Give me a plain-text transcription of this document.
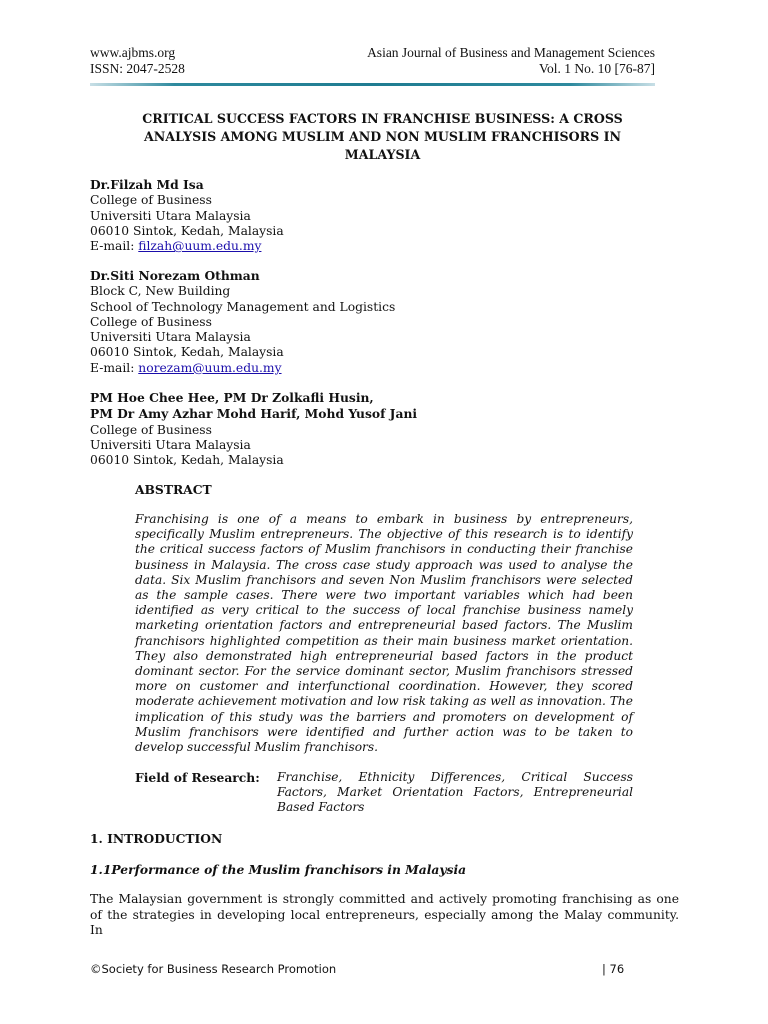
www.ajbms.org
ISSN: 2047-2528
Asian Journal of Business and Management Sciences
Vol. 1 No. 10 [76-87]
CRITICAL SUCCESS FACTORS IN FRANCHISE BUSINESS: A CROSS ANALYSIS AMONG MUSLIM AND NON MUSLIM FRANCHISORS IN MALAYSIA
Dr.Filzah Md Isa
College of Business
Universiti Utara Malaysia
06010 Sintok, Kedah, Malaysia
E-mail: filzah@uum.edu.my
Dr.Siti Norezam Othman
Block C, New Building
School of Technology Management and Logistics
College of Business
Universiti Utara Malaysia
06010 Sintok, Kedah, Malaysia
E-mail: norezam@uum.edu.my
PM Hoe Chee Hee, PM Dr Zolkafli Husin,
PM Dr Amy Azhar Mohd Harif, Mohd Yusof Jani
College of Business
Universiti Utara Malaysia
06010 Sintok, Kedah, Malaysia
ABSTRACT
Franchising is one of a means to embark in business by entrepreneurs, specifically Muslim entrepreneurs. The objective of this research is to identify the critical success factors of Muslim franchisors in conducting their franchise business in Malaysia. The cross case study approach was used to analyse the data. Six Muslim franchisors and seven Non Muslim franchisors were selected as the sample cases. There were two important variables which had been identified as very critical to the success of local franchise business namely marketing orientation factors and entrepreneurial based factors. The Muslim franchisors highlighted competition as their main business market orientation. They also demonstrated high entrepreneurial based factors in the product dominant sector. For the service dominant sector, Muslim franchisors stressed more on customer and interfunctional coordination. However, they scored moderate achievement motivation and low risk taking as well as innovation. The implication of this study was the barriers and promoters on development of Muslim franchisors were identified and further action was to be taken to develop successful Muslim franchisors.
Field of Research: Franchise, Ethnicity Differences, Critical Success Factors, Market Orientation Factors, Entrepreneurial Based Factors
1. INTRODUCTION
1.1Performance of the Muslim franchisors in Malaysia
The Malaysian government is strongly committed and actively promoting franchising as one of the strategies in developing local entrepreneurs, especially among the Malay community. In
©Society for Business Research Promotion	| 76
